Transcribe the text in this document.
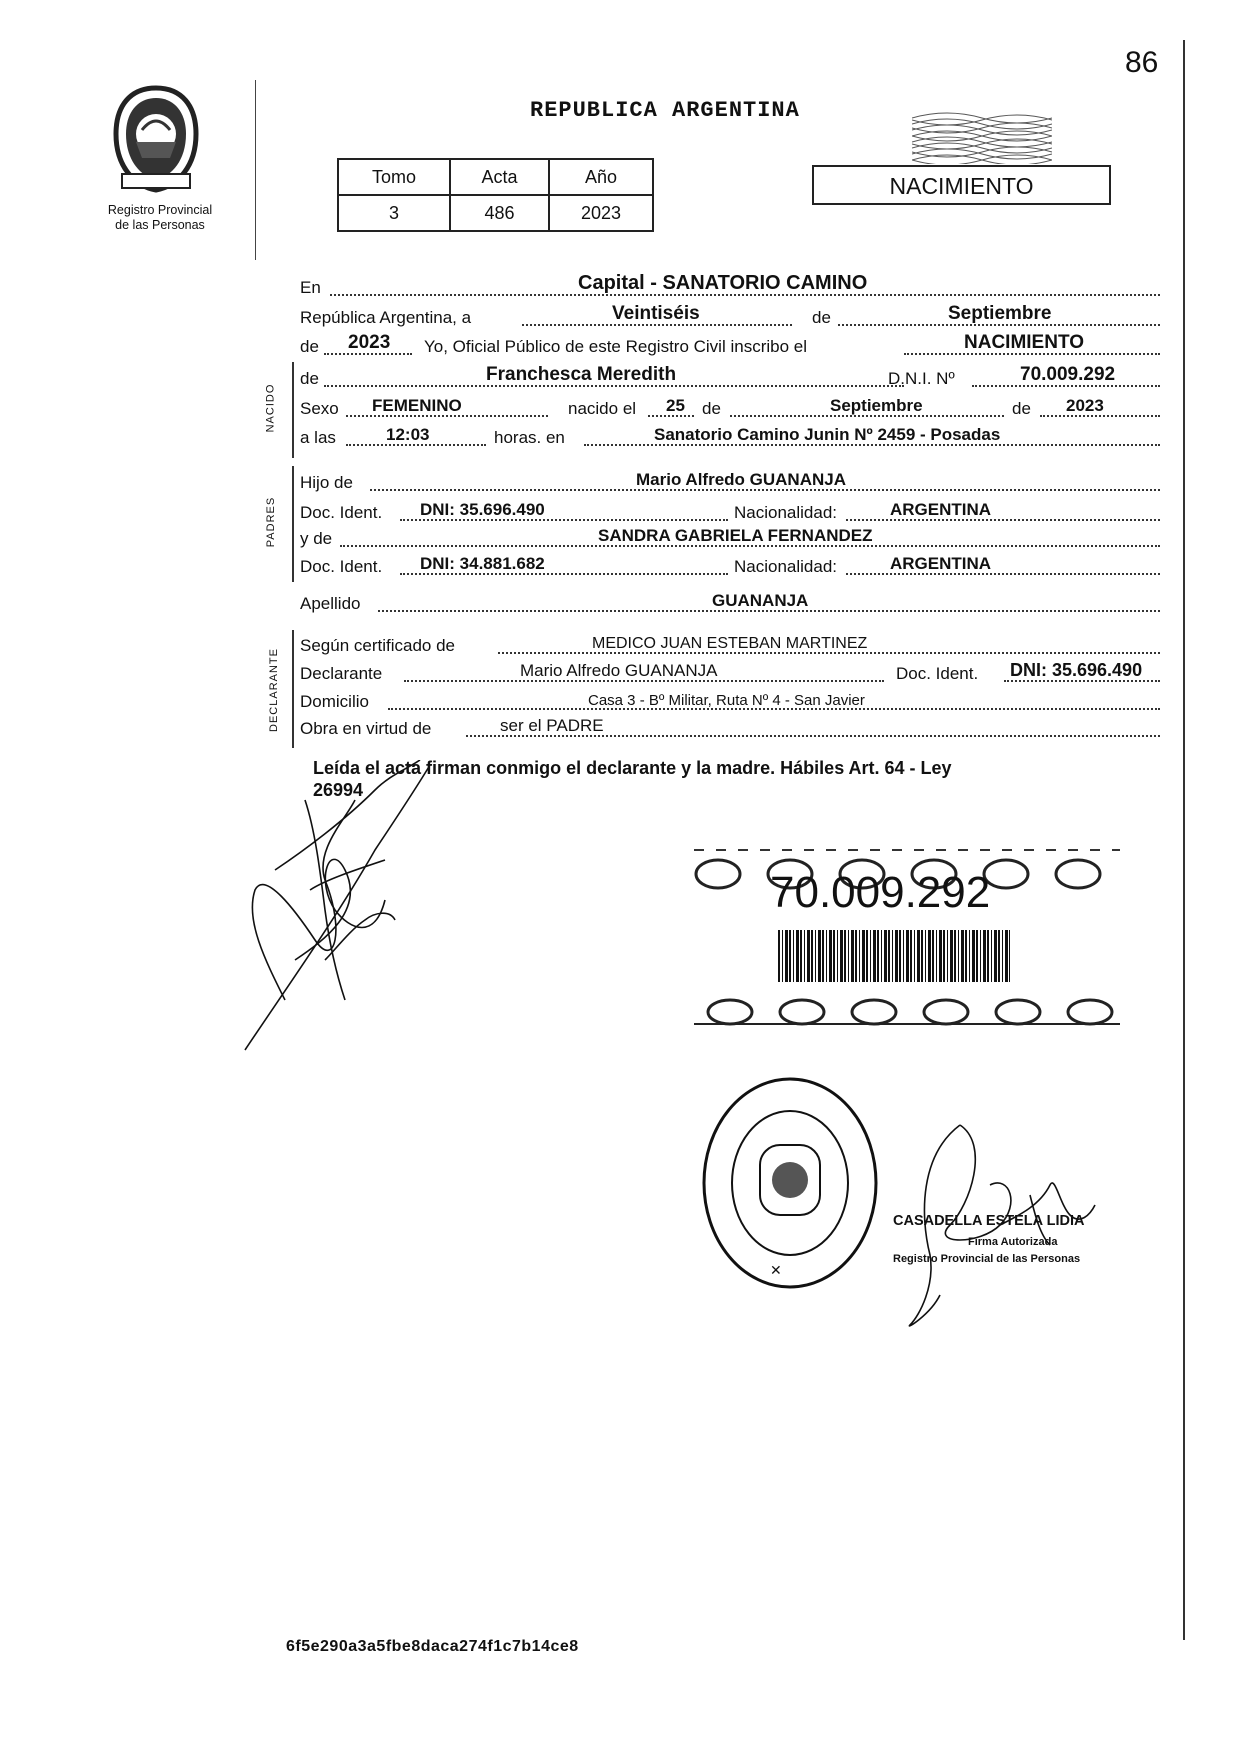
86
Registro Provincial
de las Personas
REPUBLICA ARGENTINA
Tomo	Acta	Año
3	486	2023
NACIMIENTO
En	Capital - SANATORIO CAMINO
República Argentina, a	Veintiséis	de	Septiembre
de 2023 Yo, Oficial Público de este Registro Civil inscribo el	NACIMIENTO
NACIDO
de	Franchesca Meredith	D.N.I. Nº	70.009.292
Sexo FEMENINO	nacido el 25 de	Septiembre	de 2023
a las	12:03	horas. en	Sanatorio Camino Junin Nº 2459 - Posadas
PADRES
Hijo de	Mario Alfredo GUANANJA
Doc. Ident. DNI: 35.696.490	Nacionalidad:	ARGENTINA
y de	SANDRA GABRIELA FERNANDEZ
Doc. Ident. DNI: 34.881.682	Nacionalidad:	ARGENTINA
Apellido	GUANANJA
DECLARANTE
Según certificado de	MEDICO JUAN ESTEBAN MARTINEZ
Declarante	Mario Alfredo GUANANJA	Doc. Ident. DNI: 35.696.490
Domicilio	Casa 3 - Bº Militar, Ruta Nº 4 - San Javier
Obra en virtud de	ser el PADRE
Leída el acta firman conmigo el declarante y la madre. Hábiles Art. 64 - Ley
26994
70.009.292
✕
CASADELLA ESTELA LIDIA
Firma Autorizada
Registro Provincial de las Personas
6f5e290a3a5fbe8daca274f1c7b14ce8
